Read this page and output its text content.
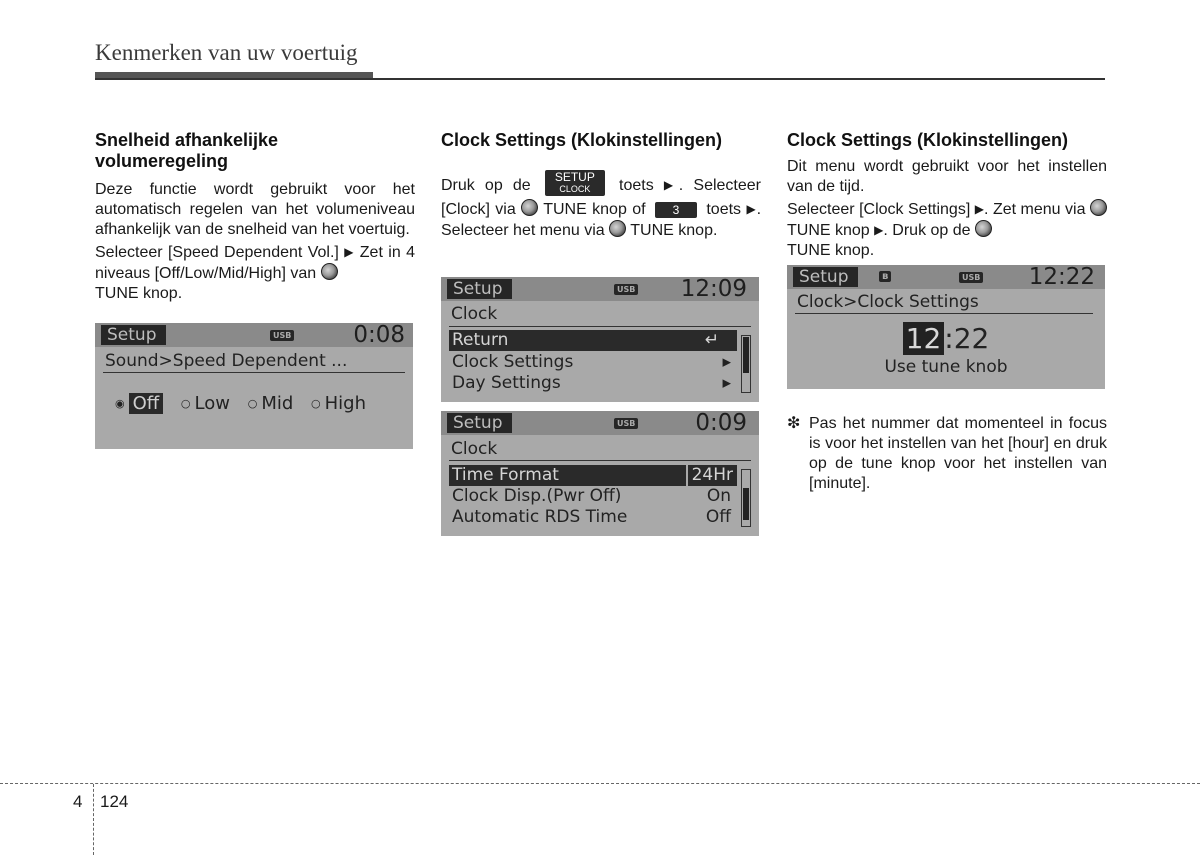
Kenmerken van uw voertuig
Snelheid afhankelijke volumeregeling

Deze functie wordt gebruikt voor het automatisch regelen van het volumeniveau afhankelijk van de snelheid van het voertuig.

Selecteer [Speed Dependent Vol.] ▶ Zet in 4 niveaus [Off/Low/Mid/High] van
TUNE knop.

Setup	USB	0:08
Sound>Speed Dependent ...
◉ Off ○ Low ○ Mid ○ High
Clock Settings (Klokinstellingen)

Druk op de
SETUP
CLOCK	toets ▶. Selecteer [Clock] via TUNE knop of 3 toets ▶. Selecteer het menu via TUNE knop.

Setup	USB 12:09
Clock
Return	↵
Clock Settings	▸
Day Settings	▸
Setup	USB	0:09
Clock
Time Format	24Hr
Clock Disp.(Pwr Off)	On
Automatic RDS Time	Off
Clock Settings (Klokinstellingen)

Dit menu wordt gebruikt voor het instellen van de tijd.

Selecteer [Clock Settings] ▶. Zet menu via  TUNE knop ▶. Druk op de
TUNE knop.

Setup	ʙ	USB 12:22
Clock>Clock Settings
12 :22
Use tune knob
❇ Pas het nummer dat momenteel in focus is voor het instellen van het [hour] en druk op de tune knop voor het instellen van [minute].
4 124
